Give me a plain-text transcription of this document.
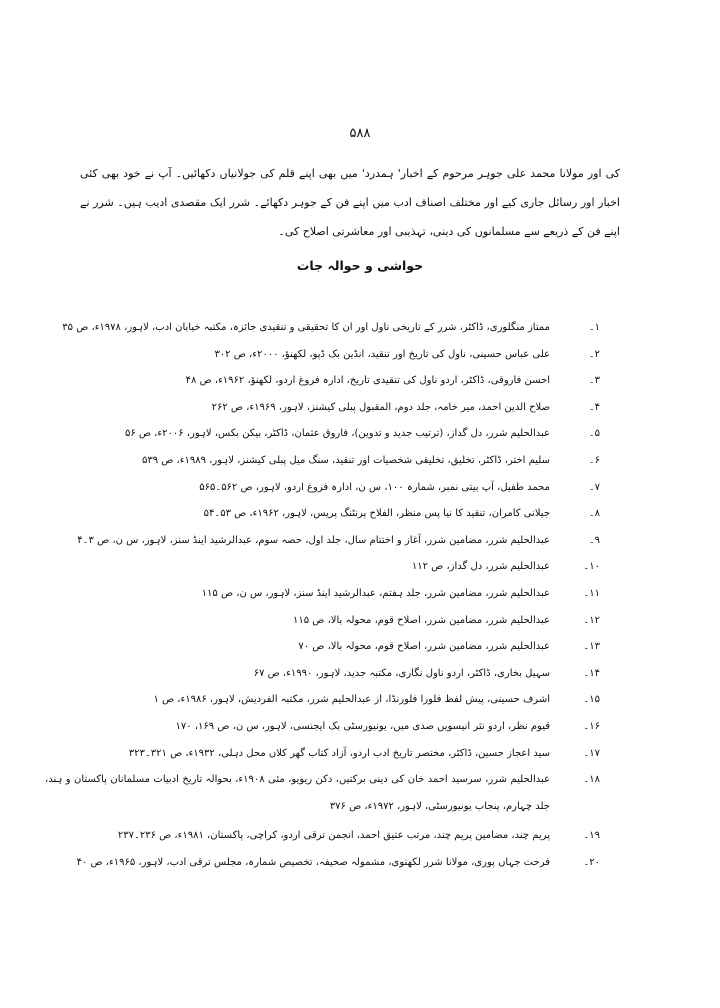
۵۸۸

کی اور مولانا محمد علی جوہر مرحوم کے اخبار' ہمدرد' میں بھی اپنے قلم کی جولانیاں دکھائیں۔ آپ نے خود بھی کئی اخبار اور رسائل جاری کیے اور مختلف اصناف ادب میں اپنے فن کے جوہر دکھائے۔ شرر ایک مقصدی ادیب ہیں۔ شرر نے اپنے فن کے ذریعے سے مسلمانوں کی دینی، تہذیبی اور معاشرتی اصلاح کی۔

حواشی و حوالہ جات
۱۔
ممتاز منگلوری، ڈاکٹر، شرر کے تاریخی ناول اور ان کا تحقیقی و تنقیدی جائزہ، مکتبہ خیابان ادب، لاہور، ۱۹۷۸ء، ص ۳۵
۲۔
علی عباس حسینی، ناول کی تاریخ اور تنقید، انڈین بک ڈپو، لکھنؤ، ۲۰۰۰ء، ص ۳۰۲
۳۔
احسن فاروقی، ڈاکٹر، اردو ناول کی تنقیدی تاریخ، ادارہ فروغ اردو، لکھنؤ، ۱۹۶۲ء، ص ۴۸
۴۔
صلاح الدین احمد، میر خامہ، جلد دوم، المقبول پبلی کیشنز، لاہور، ۱۹۶۹ء، ص ۲۶۲
۵۔
عبدالحلیم شرر، دل گداز، (ترتیب جدید و تدوین)، فاروق عثمان، ڈاکٹر، بیکن بکس، لاہور، ۲۰۰۶ء، ص ۵۶
۶۔
سلیم اختر، ڈاکٹر، تخلیق، تخلیقی شخصیات اور تنقید، سنگ میل پبلی کیشنز، لاہور، ۱۹۸۹ء، ص ۵۳۹
۷۔
محمد طفیل، آپ بیتی نمبر، شمارہ ۱۰۰، س ن، ادارہ فروغ اردو، لاہور، ص ۵۶۲۔۵۶۵
۸۔
جیلانی کامران، تنقید کا نیا پس منظر، الفلاح پرنٹنگ پریس، لاہور، ۱۹۶۲ء، ص ۵۳۔۵۴
۹۔
عبدالحلیم شرر، مضامین شرر، آغاز و اختتام سال، جلد اول، حصہ سوم، عبدالرشید اینڈ سنز، لاہور، س ن، ص ۳۔۴
۱۰۔
عبدالحلیم شرر، دل گداز، ص ۱۱۲
۱۱۔
عبدالحلیم شرر، مضامین شرر، جلد ہفتم، عبدالرشید اینڈ سنز، لاہور، س ن، ص ۱۱۵
۱۲۔
عبدالحلیم شرر، مضامین شرر، اصلاح قوم، محولہ بالا، ص ۱۱۵
۱۳۔
عبدالحلیم شرر، مضامین شرر، اصلاح قوم، محولہ بالا، ص ۷۰
۱۴۔
سہیل بخاری، ڈاکٹر، اردو ناول نگاری، مکتبہ جدید، لاہور، ۱۹۹۰ء، ص ۶۷
۱۵۔
اشرف حسینی، پیش لفظ فلورا فلورنڈا، از عبدالحلیم شرر، مکتبہ الفردیش، لاہور، ۱۹۸۶ء، ص ۱
۱۶۔
قیوم نظر، اردو نثر انیسویں صدی میں، یونیورسٹی بک ایجنسی، لاہور، س ن، ص ۱۶۹، ۱۷۰
۱۷۔
سید اعجاز حسین، ڈاکٹر، مختصر تاریخ ادب اردو، آزاد کتاب گھر کلاں محل دہلی، ۱۹۳۲ء، ص ۳۲۱۔۳۲۳
۱۸۔
عبدالحلیم شرر، سرسید احمد خان کی دینی برکتیں، دکن ریویو، مئی ۱۹۰۸ء، بحوالہ تاریخ ادبیات مسلمانان پاکستان و ہند، جلد چہارم، پنجاب یونیورسٹی، لاہور، ۱۹۷۲ء، ص ۳۷۶
۱۹۔
پریم چند، مضامین پریم چند، مرتب عتیق احمد، انجمن ترقی اردو، کراچی، پاکستان، ۱۹۸۱ء، ص ۲۳۶۔۲۳۷
۲۰۔
فرحت جہاں پوری، مولانا شرر لکھنوی، مشمولہ صحیفہ، تخصیص شمارہ، مجلس ترقی ادب، لاہور، ۱۹۶۵ء، ص ۴۰
